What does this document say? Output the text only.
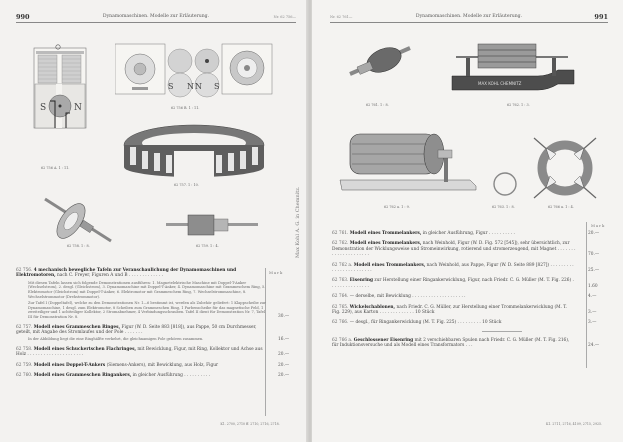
990	Dynamomaschinen. Modelle zur Erläuterung.	Nr. 62 756—
S	N
62 756 A. 1 : 11.
S N N S
62 756 B. 1 : 11.
62 757. 1 : 10.
62 758. 1 : 8.	62 759. 1 : 4.
Mark
62 756. 4 mechanisch bewegliche Tafeln zur Veranschaulichung der Dynamomaschinen und Elektromotoren, nach C. Freyer, Figuren A und B . . . . . . . . . . . . .
30.—
Mit diesen Tafeln lassen sich folgende Demonstrationen ausführen: 1. Magnetelektrische Maschine mit Doppel-T-Anker (Wechselstrom), 2. desgl. (Gleichstrom), 3. Dynamomaschine mit Doppel-T-Anker, 4. Dynamomaschine mit Grammeschem Ring, 5. Elektromotor (Gleichstrom) mit Doppel-T-Anker, 6. Elektromotor mit Grammeschem Ring, 7. Wechselstrommaschine, 8. Wechselstrommotor (Drehstrommotor).
Zur Tafel I (Doppeltafel), welche zu den Demonstrationen Nr. 1—6 bestimmt ist, werden als Zubehör geliefert: 1 Klappscheibe zur Dynamomaschine, 1 desgl. zum Elektromotor, 8 Scheiben zum Grammeschen Ring, 1 Farbenscheibe für das magnetische Feld, 1 zweiteiliger und 1 achtteiliger Kollektor, 2 Stromabnehmer, 4 Verbindungsschrauben. Tafel II dient für Demonstration Nr. 7, Tafel III für Demonstration Nr. 8.
62 757. Modell eines Grammeschen Ringes, Figur (W. D. Seite 883 [818]), aus Pappe, 50 cm Durchmesser, geteilt, mit Angabe des Stromlaufes und der Pole . . . . . . .
16.—
In der Abbildung liegt die eine Ringhälfte verkehrt, die gleichnamigen Pole gehören zusammen.
62 758. Modell eines Schuckertschen Flachringes, mit Bewicklung, Figur, mit Ring, Kollektor und Achse aus Holz . . . . . . . . . . . . . . . . . . . . .	20.—
62 759. Modell eines Doppel-T-Ankers (Siemens-Ankers), mit Bewicklung, aus Holz, Figur	20.—
62 760. Modell eines Grammeschen Ringankers, in gleicher Ausführung . . . . . . . . . .	20.—
K1. 2700, 2710 ff. 2710, 2716, 2718.
Max Kohl A. G. in Chemnitz.
Nr. 62 761—	Dynamomaschinen. Modelle zur Erläuterung.	991
62 761. 1 : 8.
MAX KOHL CHEMNITZ
62 762. 1 : 3.
62 762 a. 1 : 9.	62 763. 1 : 8.	62 766 a. 1 : 4.
Mark
62 761. Modell eines Trommelankers, in gleicher Ausführung, Figur . . . . . . . . . .	20.—
62 762. Modell eines Trommelankers, nach Weinhold, Figur (W. D. Fig. 572 [545]), sehr übersichtlich, zur Demonstration der Wicklungsweise und Stromeinwirkung, rotierend und stromerzeugend, mit Magnet . . . . . . . . . . . . . . . . . . . . .	70.—
62 762 a. Modell eines Trommelankers, nach Weinhold, aus Pappe, Figur (W. D. Seite 889 [827]) . . . . . . . . . . . . . . . . . . . . . . . .	25.—
62 763. Eisenring zur Herstellung einer Ringankerwicklung, Figur, nach Friedr. C. G. Müller (M. T. Fig. 226) . . . . . . . . . . . . . . .	1.60
62 764. — derselbe, mit Bewicklung . . . . . . . . . . . . . . . . . . . .	4.—
62 765. Wickelschablonen, nach Friedr. C. G. Müller, zur Herstellung einer Trommelankerwicklung (M. T. Fig. 229), aus Karton . . . . . . . . . . . . . 10 Stück	3.—
62 766. — desgl., für Ringankerwicklung (M. T. Fig. 225) . . . . . . . . . 10 Stück	3.—
62 766 a. Geschlossener Eisenring mit 2 verschiebbaren Spulen nach Friedr. C. G. Müller (M. T. Fig. 216), für Induktionsversuche und als Modell eines Transformators . . .	24.—
K1. 2711, 2716, 4109, 2715, 2925.
